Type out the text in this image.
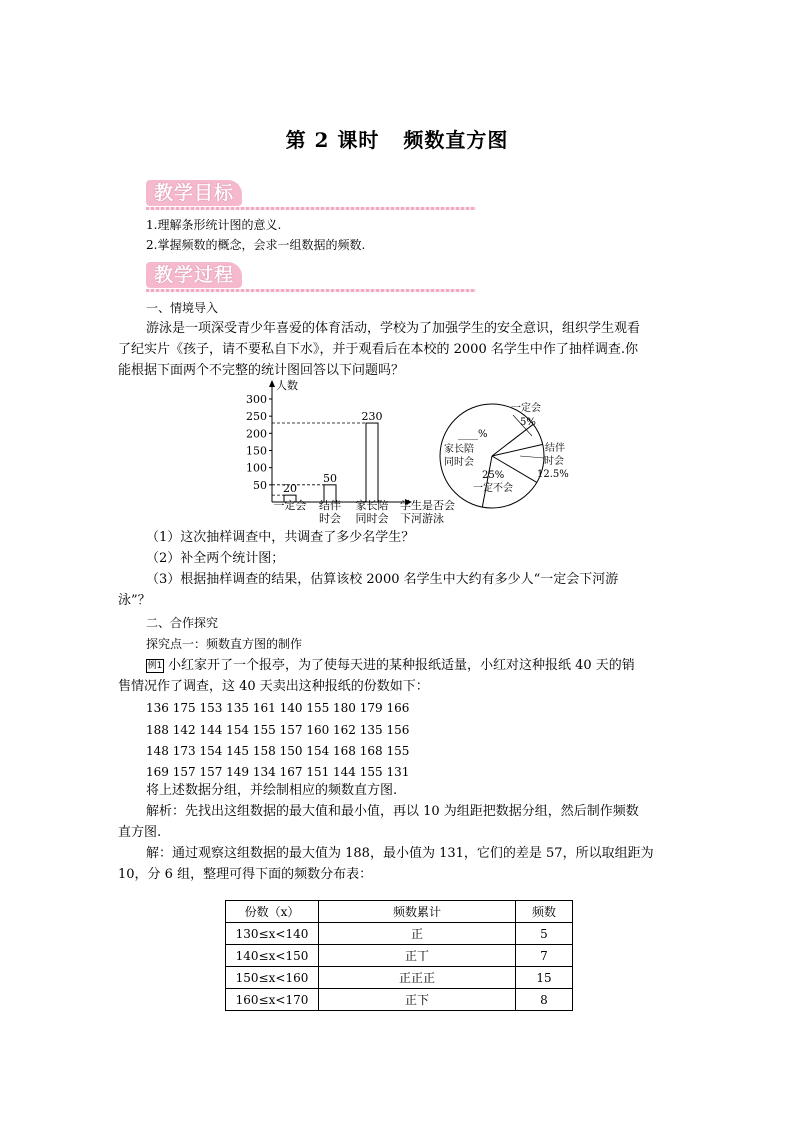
第 2 课时 频数直方图
教学目标
1.理解条形统计图的意义.
2.掌握频数的概念，会求一组数据的频数.
教学过程
一、情境导入
游泳是一项深受青少年喜爱的体育活动，学校为了加强学生的安全意识，组织学生观看
了纪实片《孩子，请不要私自下水》，并于观看后在本校的 2000 名学生中作了抽样调查.你
能根据下面两个不完整的统计图回答以下问题吗？
人数
50
100
150
200
250
300
20
一定会
50
结伴
时会
230
家长陪
同时会
学生是否会
下河游泳
一定会
5%
结伴
时会
12.5%
25%
一定不会
____%
家长陪
同时会
（1）这次抽样调查中，共调查了多少名学生？
（2）补全两个统计图；
（3）根据抽样调查的结果，估算该校 2000 名学生中大约有多少人“一定会下河游
泳”？
二、合作探究
探究点一：频数直方图的制作
例1 小红家开了一个报亭，为了使每天进的某种报纸适量，小红对这种报纸 40 天的销
售情况作了调查，这 40 天卖出这种报纸的份数如下：
136 175 153 135 161 140 155 180 179 166
188 142 144 154 155 157 160 162 135 156
148 173 154 145 158 150 154 168 168 155
169 157 157 149 134 167 151 144 155 131
将上述数据分组，并绘制相应的频数直方图.
解析：先找出这组数据的最大值和最小值，再以 10 为组距把数据分组，然后制作频数
直方图.
解：通过观察这组数据的最大值为 188，最小值为 131，它们的差是 57，所以取组距为
10，分 6 组，整理可得下面的频数分布表：
份数（x）	频数累计	频数
130≤x<140	正	5
140≤x<150	正丅	7
150≤x<160	正正正	15
160≤x<170	正下	8
